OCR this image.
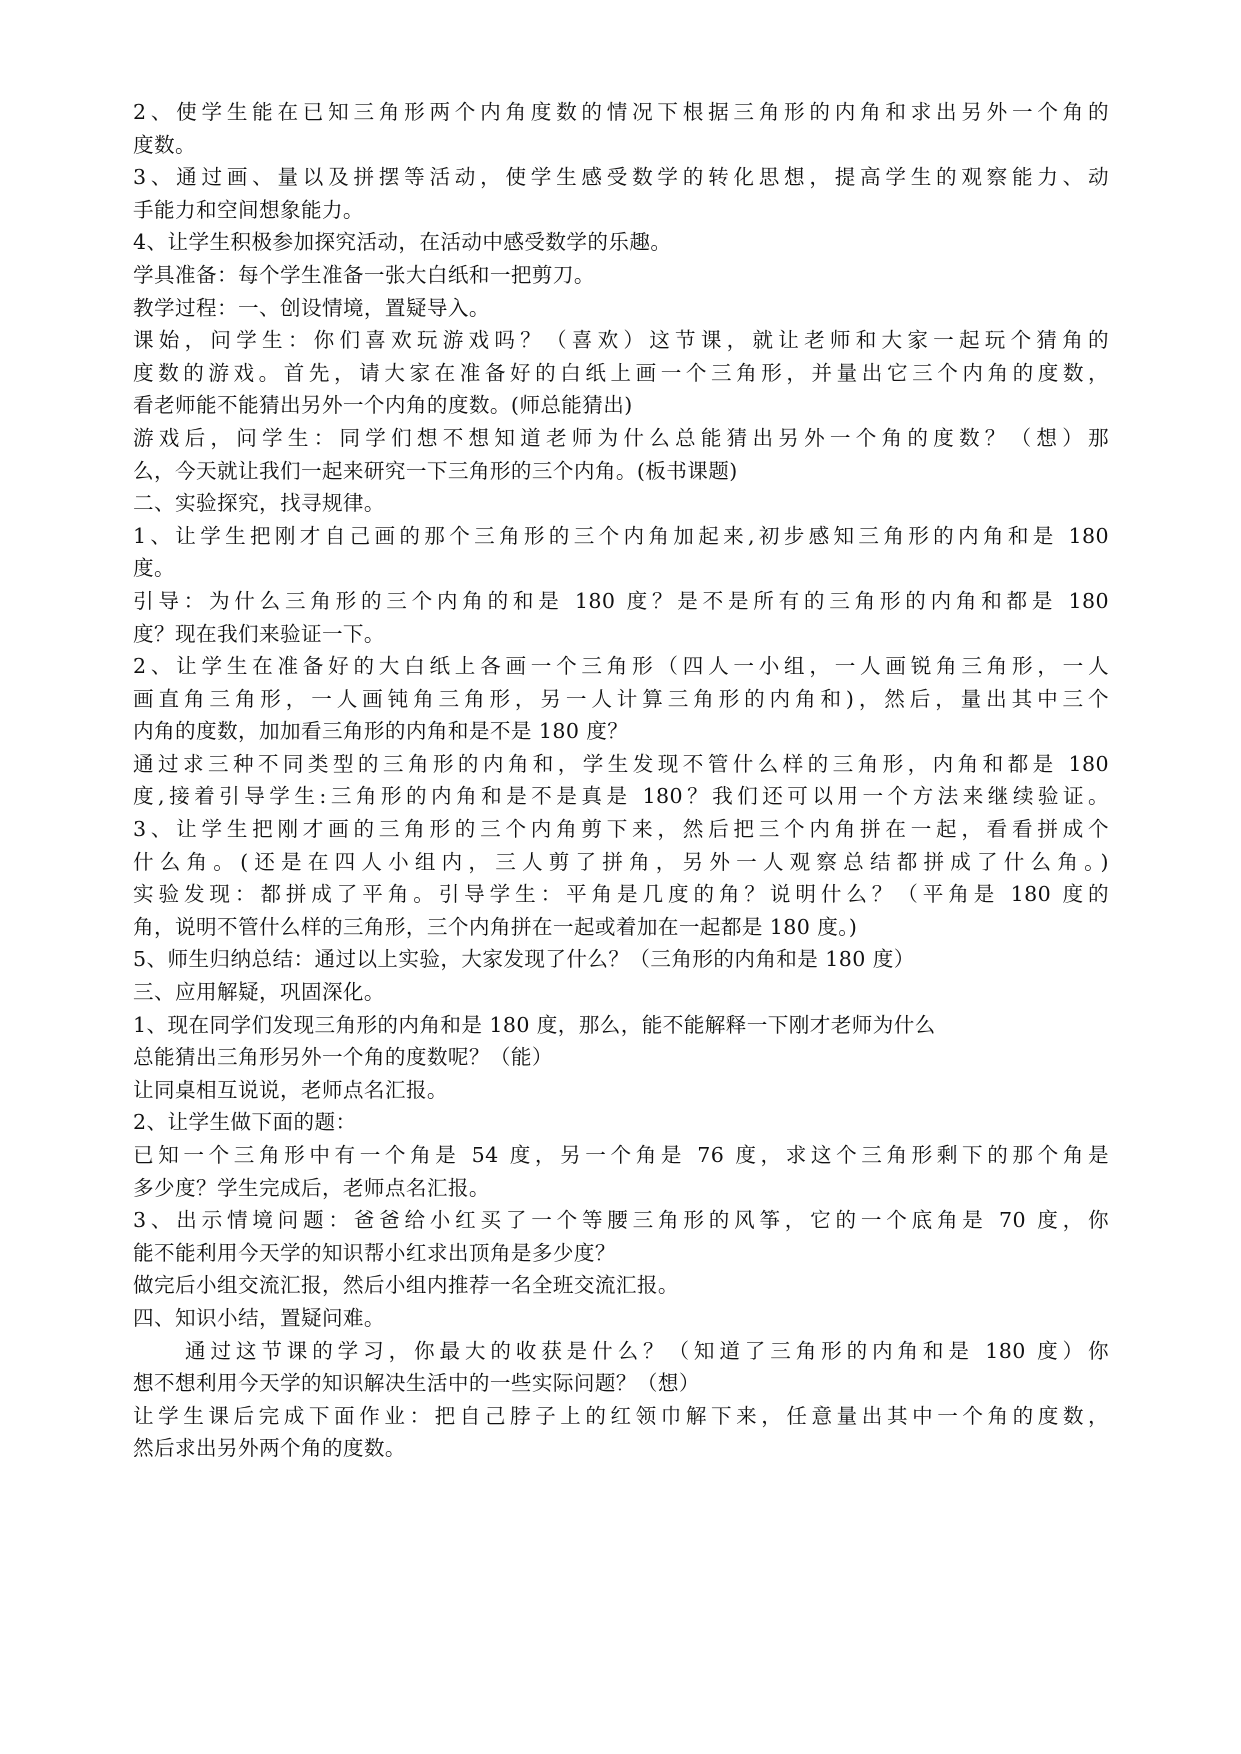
2、使学生能在已知三角形两个内角度数的情况下根据三角形的内角和求出另外一个角的
度数。
3、通过画、量以及拼摆等活动，使学生感受数学的转化思想，提高学生的观察能力、动
手能力和空间想象能力。
4、让学生积极参加探究活动，在活动中感受数学的乐趣。
学具准备：每个学生准备一张大白纸和一把剪刀。
教学过程：一、创设情境，置疑导入。
课始，问学生：你们喜欢玩游戏吗？（喜欢）这节课，就让老师和大家一起玩个猜角的
度数的游戏。首先，请大家在准备好的白纸上画一个三角形，并量出它三个内角的度数，
看老师能不能猜出另外一个内角的度数。(师总能猜出)
游戏后，问学生：同学们想不想知道老师为什么总能猜出另外一个角的度数？（想）那
么，今天就让我们一起来研究一下三角形的三个内角。(板书课题)
二、实验探究，找寻规律。
1、让学生把刚才自己画的那个三角形的三个内角加起来,初步感知三角形的内角和是 180
度。
引导：为什么三角形的三个内角的和是 180 度？是不是所有的三角形的内角和都是 180
度？现在我们来验证一下。
2、让学生在准备好的大白纸上各画一个三角形（四人一小组，一人画锐角三角形，一人
画直角三角形，一人画钝角三角形，另一人计算三角形的内角和)，然后，量出其中三个
内角的度数，加加看三角形的内角和是不是 180 度？
通过求三种不同类型的三角形的内角和，学生发现不管什么样的三角形，内角和都是 180
度,接着引导学生:三角形的内角和是不是真是 180？我们还可以用一个方法来继续验证。
3、让学生把刚才画的三角形的三个内角剪下来，然后把三个内角拼在一起，看看拼成个
什么角。(还是在四人小组内，三人剪了拼角，另外一人观察总结都拼成了什么角。)
实验发现：都拼成了平角。引导学生：平角是几度的角？说明什么？（平角是 180 度的
角，说明不管什么样的三角形，三个内角拼在一起或着加在一起都是 180 度。)
5、师生归纳总结：通过以上实验，大家发现了什么？（三角形的内角和是 180 度）
三、应用解疑，巩固深化。
1、现在同学们发现三角形的内角和是 180 度，那么，能不能解释一下刚才老师为什么
总能猜出三角形另外一个角的度数呢？（能）
让同桌相互说说，老师点名汇报。
2、让学生做下面的题：
已知一个三角形中有一个角是 54 度，另一个角是 76 度，求这个三角形剩下的那个角是
多少度？学生完成后，老师点名汇报。
3、出示情境问题：爸爸给小红买了一个等腰三角形的风筝，它的一个底角是 70 度，你
能不能利用今天学的知识帮小红求出顶角是多少度？
做完后小组交流汇报，然后小组内推荐一名全班交流汇报。
四、知识小结，置疑问难。
通过这节课的学习，你最大的收获是什么？（知道了三角形的内角和是 180 度）你
想不想利用今天学的知识解决生活中的一些实际问题？（想）
让学生课后完成下面作业：把自己脖子上的红领巾解下来，任意量出其中一个角的度数，
然后求出另外两个角的度数。
